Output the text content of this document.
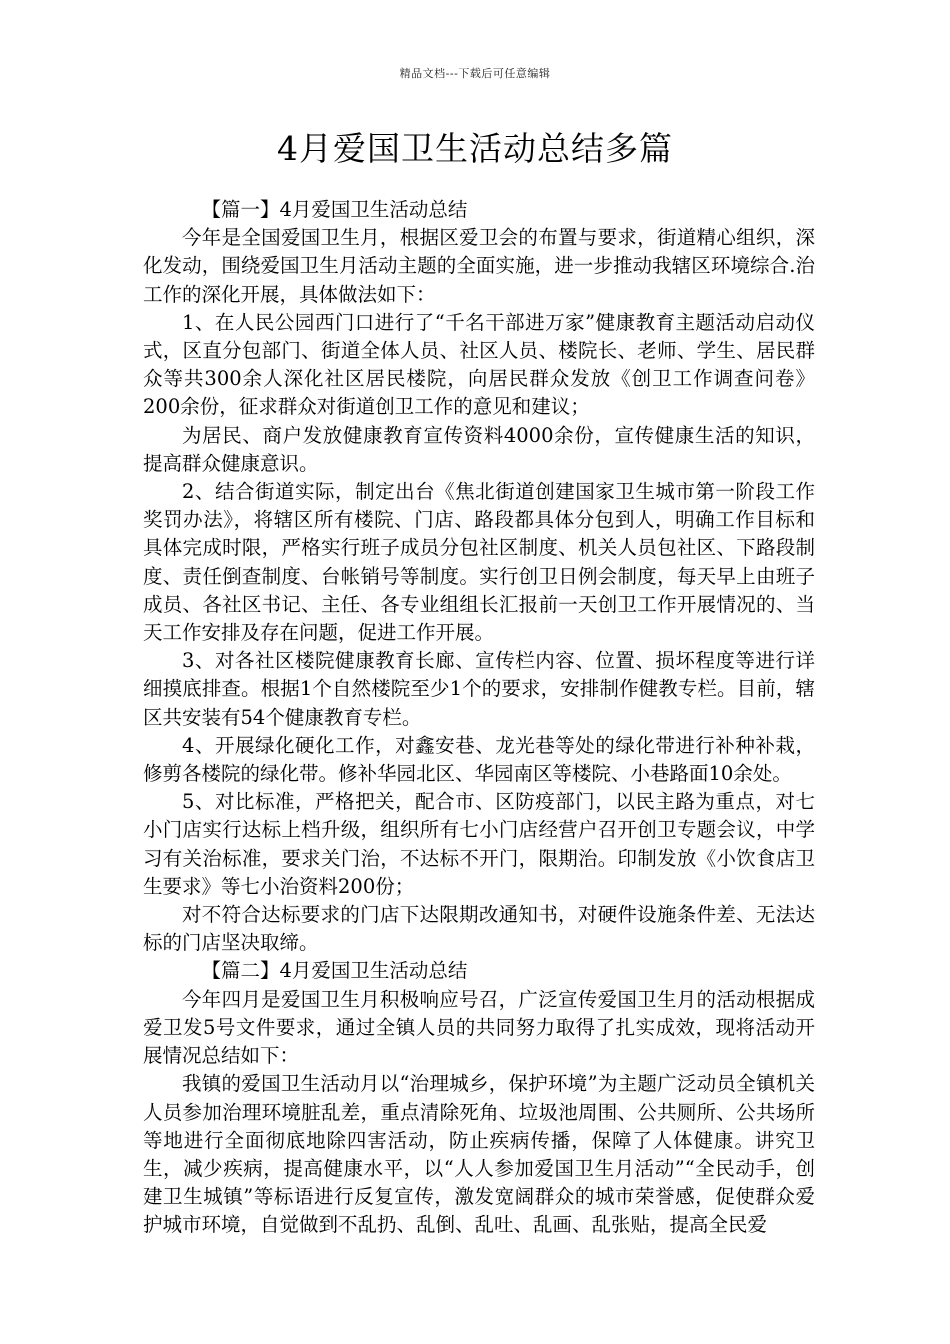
精品文档---下载后可任意编辑
4月爱国卫生活动总结多篇

【篇一】4月爱国卫生活动总结

今年是全国爱国卫生月，根据区爱卫会的布置与要求，街道精心组织，深化发动，围绕爱国卫生月活动主题的全面实施，进一步推动我辖区环境综合.治工作的深化开展，具体做法如下：

1、在人民公园西门口进行了“千名干部进万家”健康教育主题活动启动仪式，区直分包部门、街道全体人员、社区人员、楼院长、老师、学生、居民群众等共300余人深化社区居民楼院，向居民群众发放《创卫工作调查问卷》200余份，征求群众对街道创卫工作的意见和建议；

为居民、商户发放健康教育宣传资料4000余份，宣传健康生活的知识，提高群众健康意识。

2、结合街道实际，制定出台《焦北街道创建国家卫生城市第一阶段工作奖罚办法》，将辖区所有楼院、门店、路段都具体分包到人，明确工作目标和具体完成时限，严格实行班子成员分包社区制度、机关人员包社区、下路段制度、责任倒查制度、台帐销号等制度。实行创卫日例会制度，每天早上由班子成员、各社区书记、主任、各专业组组长汇报前一天创卫工作开展情况的、当天工作安排及存在问题，促进工作开展。

3、对各社区楼院健康教育长廊、宣传栏内容、位置、损坏程度等进行详细摸底排查。根据1个自然楼院至少1个的要求，安排制作健教专栏。目前，辖区共安装有54个健康教育专栏。

4、开展绿化硬化工作，对鑫安巷、龙光巷等处的绿化带进行补种补栽，修剪各楼院的绿化带。修补华园北区、华园南区等楼院、小巷路面10余处。

5、对比标准，严格把关，配合市、区防疫部门，以民主路为重点，对七小门店实行达标上档升级，组织所有七小门店经营户召开创卫专题会议，中学习有关治标准，要求关门治，不达标不开门，限期治。印制发放《小饮食店卫生要求》等七小治资料200份；

对不符合达标要求的门店下达限期改通知书，对硬件设施条件差、无法达标的门店坚决取缔。

【篇二】4月爱国卫生活动总结

今年四月是爱国卫生月积极响应号召，广泛宣传爱国卫生月的活动根据成爱卫发5号文件要求，通过全镇人员的共同努力取得了扎实成效，现将活动开展情况总结如下：

我镇的爱国卫生活动月以“治理城乡，保护环境”为主题广泛动员全镇机关人员参加治理环境脏乱差，重点清除死角、垃圾池周围、公共厕所、公共场所等地进行全面彻底地除四害活动，防止疾病传播，保障了人体健康。讲究卫生，减少疾病，提高健康水平，以“人人参加爱国卫生月活动”“全民动手，创建卫生城镇”等标语进行反复宣传，激发宽阔群众的城市荣誉感，促使群众爱护城市环境，自觉做到不乱扔、乱倒、乱吐、乱画、乱张贴，提高全民爱
